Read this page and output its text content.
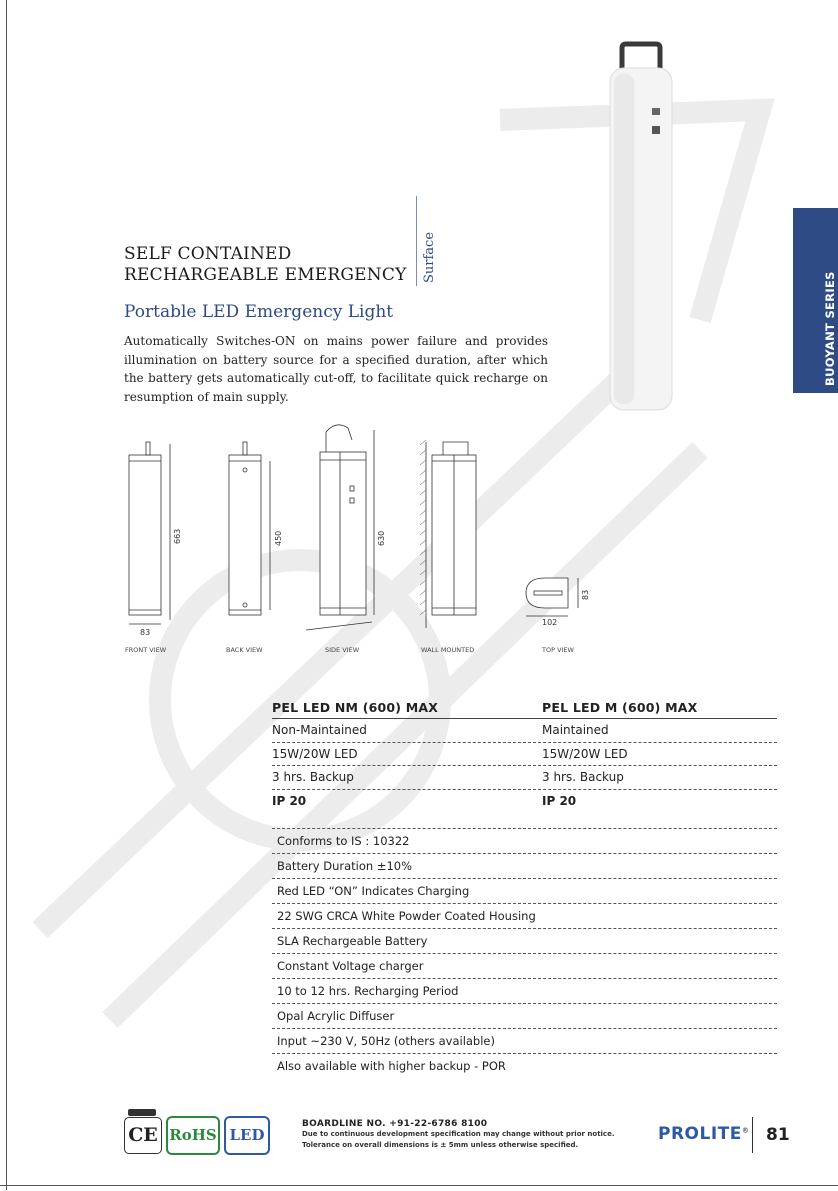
SELF CONTAINED
RECHARGEABLE EMERGENCY Surface
Portable LED Emergency Light
Automatically Switches-ON on mains power failure and provides illumination on battery source for a specified duration, after which the battery gets automatically cut-off, to facilitate quick recharge on resumption of main supply.
BUOYANT SERIES
663
83
450	630
102
83
FRONT VIEW	BACK VIEW	SIDE VIEW	WALL MOUNTED	TOP VIEW
PEL LED NM (600) MAX	PEL LED M (600) MAX
Non-Maintained	Maintained
15W/20W LED	15W/20W LED
3 hrs. Backup	3 hrs. Backup
IP 20	IP 20
Conforms to IS : 10322
Battery Duration ±10%
Red LED “ON” Indicates Charging
22 SWG CRCA White Powder Coated Housing
SLA Rechargeable Battery
Constant Voltage charger
10 to 12 hrs. Recharging Period
Opal Acrylic Diffuser
Input ~230 V, 50Hz (others available)
Also available with higher backup - POR
CE RoHS LED
BOARDLINE NO. +91-22-6786 8100
Due to continuous development specification may change without prior notice.
Tolerance on overall dimensions is ± 5mm unless otherwise specified.
PROLITE® 81
